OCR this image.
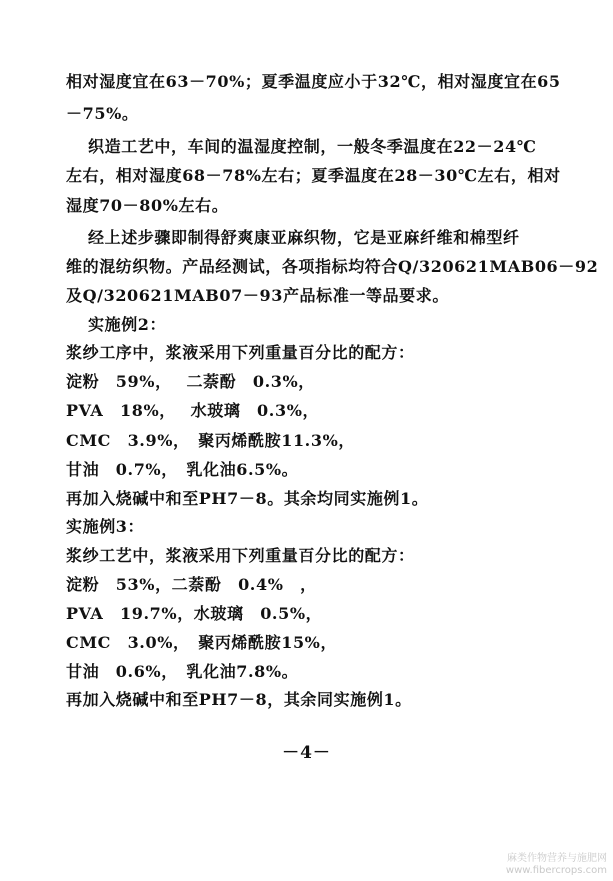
相对湿度宜在63－70%；夏季温度应小于32℃，相对湿度宜在65
－75%。
织造工艺中，车间的温湿度控制，一般冬季温度在22－24℃
左右，相对湿度68－78%左右；夏季温度在28－30℃左右，相对
湿度70－80%左右。
经上述步骤即制得舒爽康亚麻织物，它是亚麻纤维和棉型纤
维的混纺织物。产品经测试，各项指标均符合Q/320621MAB06－92
及Q/320621MAB07－93产品标准一等品要求。
实施例2：
浆纱工序中，浆液采用下列重量百分比的配方：
淀粉　59%，　 二萘酚　0.3%，
PVA　18%，　 水玻璃　0.3%，
CMC　3.9%，　聚丙烯酰胺11.3%，
甘油　0.7%，　乳化油6.5%。
再加入烧碱中和至PH7－8。其余均同实施例1。
实施例3：
浆纱工艺中，浆液采用下列重量百分比的配方：
淀粉　53%，二萘酚　0.4%　，
PVA　19.7%，水玻璃　0.5%，
CMC　3.0%，　聚丙烯酰胺15%，
甘油　0.6%，　乳化油7.8%。
再加入烧碱中和至PH7－8，其余同实施例1。
－4－
麻类作物营养与施肥网
www.fibercrops.com
